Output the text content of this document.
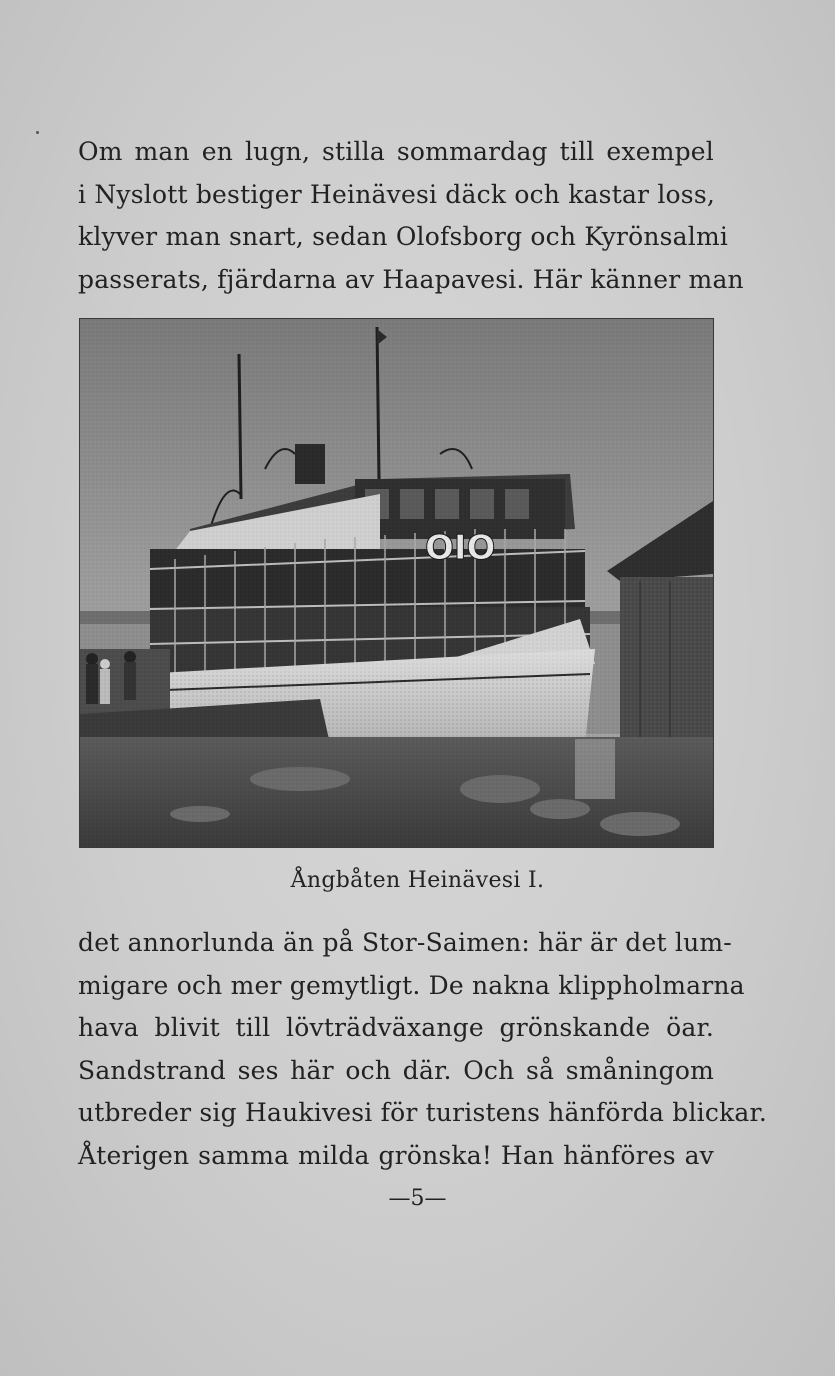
Om man en lugn, stilla sommardag till exempel
i Nyslott bestiger Heinävesi däck och kastar loss,
klyver man snart, sedan Olofsborg och Kyrönsalmi
passerats, fjärdarna av Haapavesi. Här känner man
Ångbåten Heinävesi I.
det annorlunda än på Stor-Saimen: här är det lum-
migare och mer gemytligt. De nakna klippholmarna
hava blivit till lövträdväxange grönskande öar.
Sandstrand ses här och där. Och så småningom
utbreder sig Haukivesi för turistens hänförda blickar.
Återigen samma milda grönska! Han hänföres av
—5—
